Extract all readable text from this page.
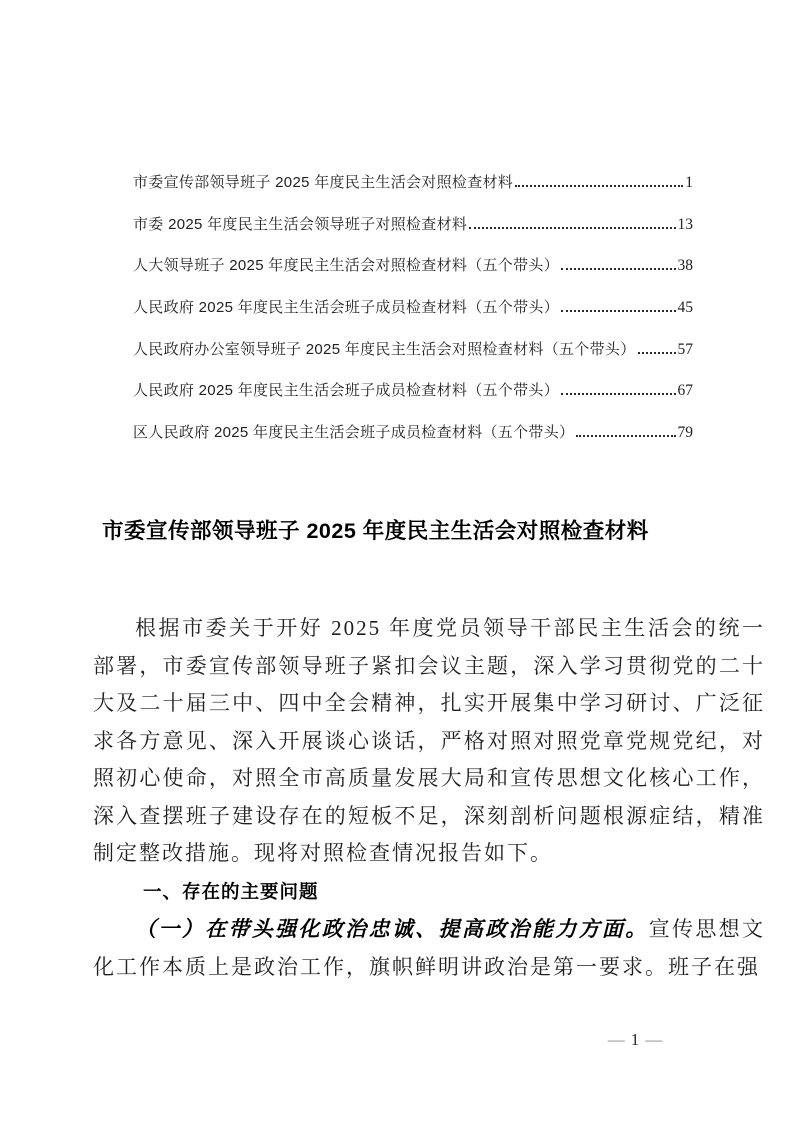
市委宣传部领导班子 2025 年度民主生活会对照检查材料	1
市委 2025 年度民主生活会领导班子对照检查材料	13
人大领导班子 2025 年度民主生活会对照检查材料（五个带头）	38
人民政府 2025 年度民主生活会班子成员检查材料（五个带头）	45
人民政府办公室领导班子 2025 年度民主生活会对照检查材料（五个带头）	57
人民政府 2025 年度民主生活会班子成员检查材料（五个带头）	67
区人民政府 2025 年度民主生活会班子成员检查材料（五个带头）	79
市委宣传部领导班子 2025 年度民主生活会对照检查材料
根据市委关于开好 2025 年度党员领导干部民主生活会的统一部署，市委宣传部领导班子紧扣会议主题，深入学习贯彻党的二十大及二十届三中、四中全会精神，扎实开展集中学习研讨、广泛征求各方意见、深入开展谈心谈话，严格对照对照党章党规党纪，对照初心使命，对照全市高质量发展大局和宣传思想文化核心工作，深入查摆班子建设存在的短板不足，深刻剖析问题根源症结，精准制定整改措施。现将对照检查情况报告如下。
一、存在的主要问题
（一）在带头强化政治忠诚、提高政治能力方面。宣传思想文化工作本质上是政治工作，旗帜鲜明讲政治是第一要求。班子在强
— 1 —
